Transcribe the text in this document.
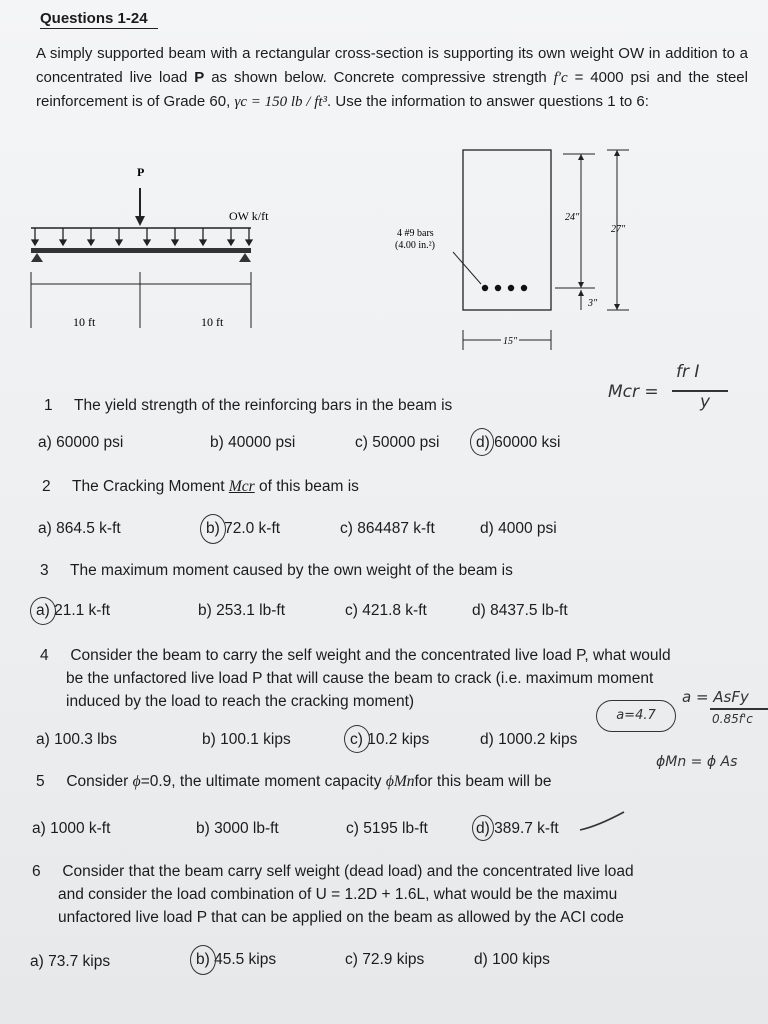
Questions 1-24
A simply supported beam with a rectangular cross-section is supporting its own weight OW in addition to a concentrated live load P as shown below. Concrete compressive strength f′c = 4000 psi and the steel reinforcement is of Grade 60, γc = 150 lb / ft³. Use the information to answer questions 1 to 6:
P
OW k/ft
10 ft	10 ft
4 #9 bars
(4.00 in.²)
24"
27"
3"
15"
Mcr =
fr I
y
1 The yield strength of the reinforcing bars in the beam is
a) 60000 psi	b) 40000 psi	c) 50000 psi d) 60000 ksi
2 The Cracking Moment Mcr of this beam is
a) 864.5 k-ft	b) 72.0 k-ft	c) 864487 k-ft	d) 4000 psi
3 The maximum moment caused by the own weight of the beam is
a) 21.1 k-ft	b) 253.1 lb-ft	c) 421.8 k-ft	d) 8437.5 lb-ft
4 Consider the beam to carry the self weight and the concentrated live load P, what would
be the unfactored live load P that will cause the beam to crack (i.e. maximum moment
induced by the load to reach the cracking moment)
a) 100.3 lbs	b) 100.1 kips	c) 10.2 kips	d) 1000.2 kips
a=4.7
a = AsFy
0.85f'c
5 Consider ϕ=0.9, the ultimate moment capacity ϕMnfor this beam will be
ϕMn = ϕ As
a) 1000 k-ft	b) 3000 lb-ft	c) 5195 lb-ft	d) 389.7 k-ft
6 Consider that the beam carry self weight (dead load) and the concentrated live load
and consider the load combination of U = 1.2D + 1.6L, what would be the maximu
unfactored live load P that can be applied on the beam as allowed by the ACI code
a) 73.7 kips	b) 45.5 kips	c) 72.9 kips	d) 100 kips
